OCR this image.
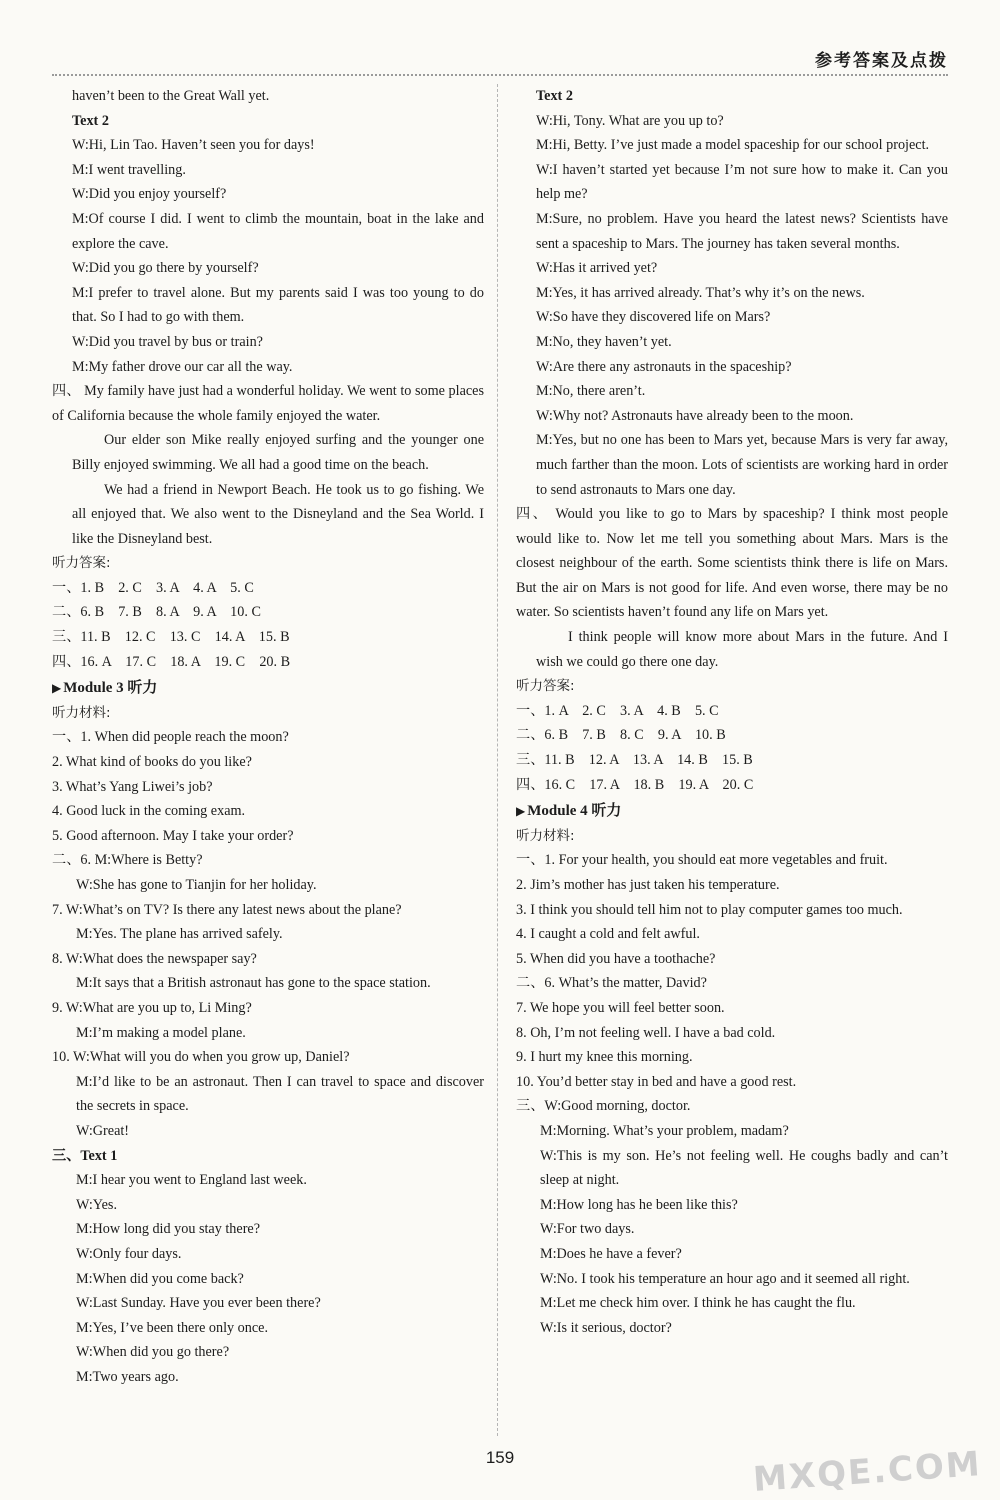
参考答案及点拨

haven’t been to the Great Wall yet.

Text 2

W:Hi, Lin Tao. Haven’t seen you for days!

M:I went travelling.

W:Did you enjoy yourself?

M:Of course I did. I went to climb the mountain, boat in the lake and explore the cave.

W:Did you go there by yourself?

M:I prefer to travel alone. But my parents said I was too young to do that. So I had to go with them.

W:Did you travel by bus or train?

M:My father drove our car all the way.

四、 My family have just had a wonderful holiday. We went to some places of California because the whole family enjoyed the water.

Our elder son Mike really enjoyed surfing and the younger one Billy enjoyed swimming. We all had a good time on the beach.

We had a friend in Newport Beach. He took us to go fishing. We all enjoyed that. We also went to the Disneyland and the Sea World. I like the Disneyland best.

听力答案:

一、1. B    2. C    3. A    4. A    5. C

二、6. B    7. B    8. A    9. A    10. C

三、11. B    12. C    13. C    14. A    15. B

四、16. A    17. C    18. A    19. C    20. B

▶ Module 3 听力

听力材料:

一、1. When did people reach the moon?

2. What kind of books do you like?

3. What’s Yang Liwei’s job?

4. Good luck in the coming exam.

5. Good afternoon. May I take your order?

二、6. M:Where is Betty?

W:She has gone to Tianjin for her holiday.

7. W:What’s on TV? Is there any latest news about the plane?

M:Yes. The plane has arrived safely.

8. W:What does the newspaper say?

M:It says that a British astronaut has gone to the space station.

9. W:What are you up to, Li Ming?

M:I’m making a model plane.

10. W:What will you do when you grow up, Daniel?

M:I’d like to be an astronaut. Then I can travel to space and discover the secrets in space.

W:Great!

三、Text 1

M:I hear you went to England last week.

W:Yes.

M:How long did you stay there?

W:Only four days.

M:When did you come back?

W:Last Sunday. Have you ever been there?

M:Yes, I’ve been there only once.

W:When did you go there?

M:Two years ago.

Text 2

W:Hi, Tony. What are you up to?

M:Hi, Betty. I’ve just made a model spaceship for our school project.

W:I haven’t started yet because I’m not sure how to make it. Can you help me?

M:Sure, no problem. Have you heard the latest news? Scientists have sent a spaceship to Mars. The journey has taken several months.

W:Has it arrived yet?

M:Yes, it has arrived already. That’s why it’s on the news.

W:So have they discovered life on Mars?

M:No, they haven’t yet.

W:Are there any astronauts in the spaceship?

M:No, there aren’t.

W:Why not? Astronauts have already been to the moon.

M:Yes, but no one has been to Mars yet, because Mars is very far away, much farther than the moon. Lots of scientists are working hard in order to send astronauts to Mars one day.

四、 Would you like to go to Mars by spaceship? I think most people would like to. Now let me tell you something about Mars. Mars is the closest neighbour of the earth. Some scientists think there is life on Mars. But the air on Mars is not good for life. And even worse, there may be no water. So scientists haven’t found any life on Mars yet.

I think people will know more about Mars in the future. And I wish we could go there one day.

听力答案:

一、1. A    2. C    3. A    4. B    5. C

二、6. B    7. B    8. C    9. A    10. B

三、11. B    12. A    13. A    14. B    15. B

四、16. C    17. A    18. B    19. A    20. C

▶ Module 4 听力

听力材料:

一、1. For your health, you should eat more vegetables and fruit.

2. Jim’s mother has just taken his temperature.

3. I think you should tell him not to play computer games too much.

4. I caught a cold and felt awful.

5. When did you have a toothache?

二、6. What’s the matter, David?

7. We hope you will feel better soon.

8. Oh, I’m not feeling well. I have a bad cold.

9. I hurt my knee this morning.

10. You’d better stay in bed and have a good rest.

三、W:Good morning, doctor.

M:Morning. What’s your problem, madam?

W:This is my son. He’s not feeling well. He coughs badly and can’t sleep at night.

M:How long has he been like this?

W:For two days.

M:Does he have a fever?

W:No. I took his temperature an hour ago and it seemed all right.

M:Let me check him over. I think he has caught the flu.

W:Is it serious, doctor?

159	MXQE.COM
